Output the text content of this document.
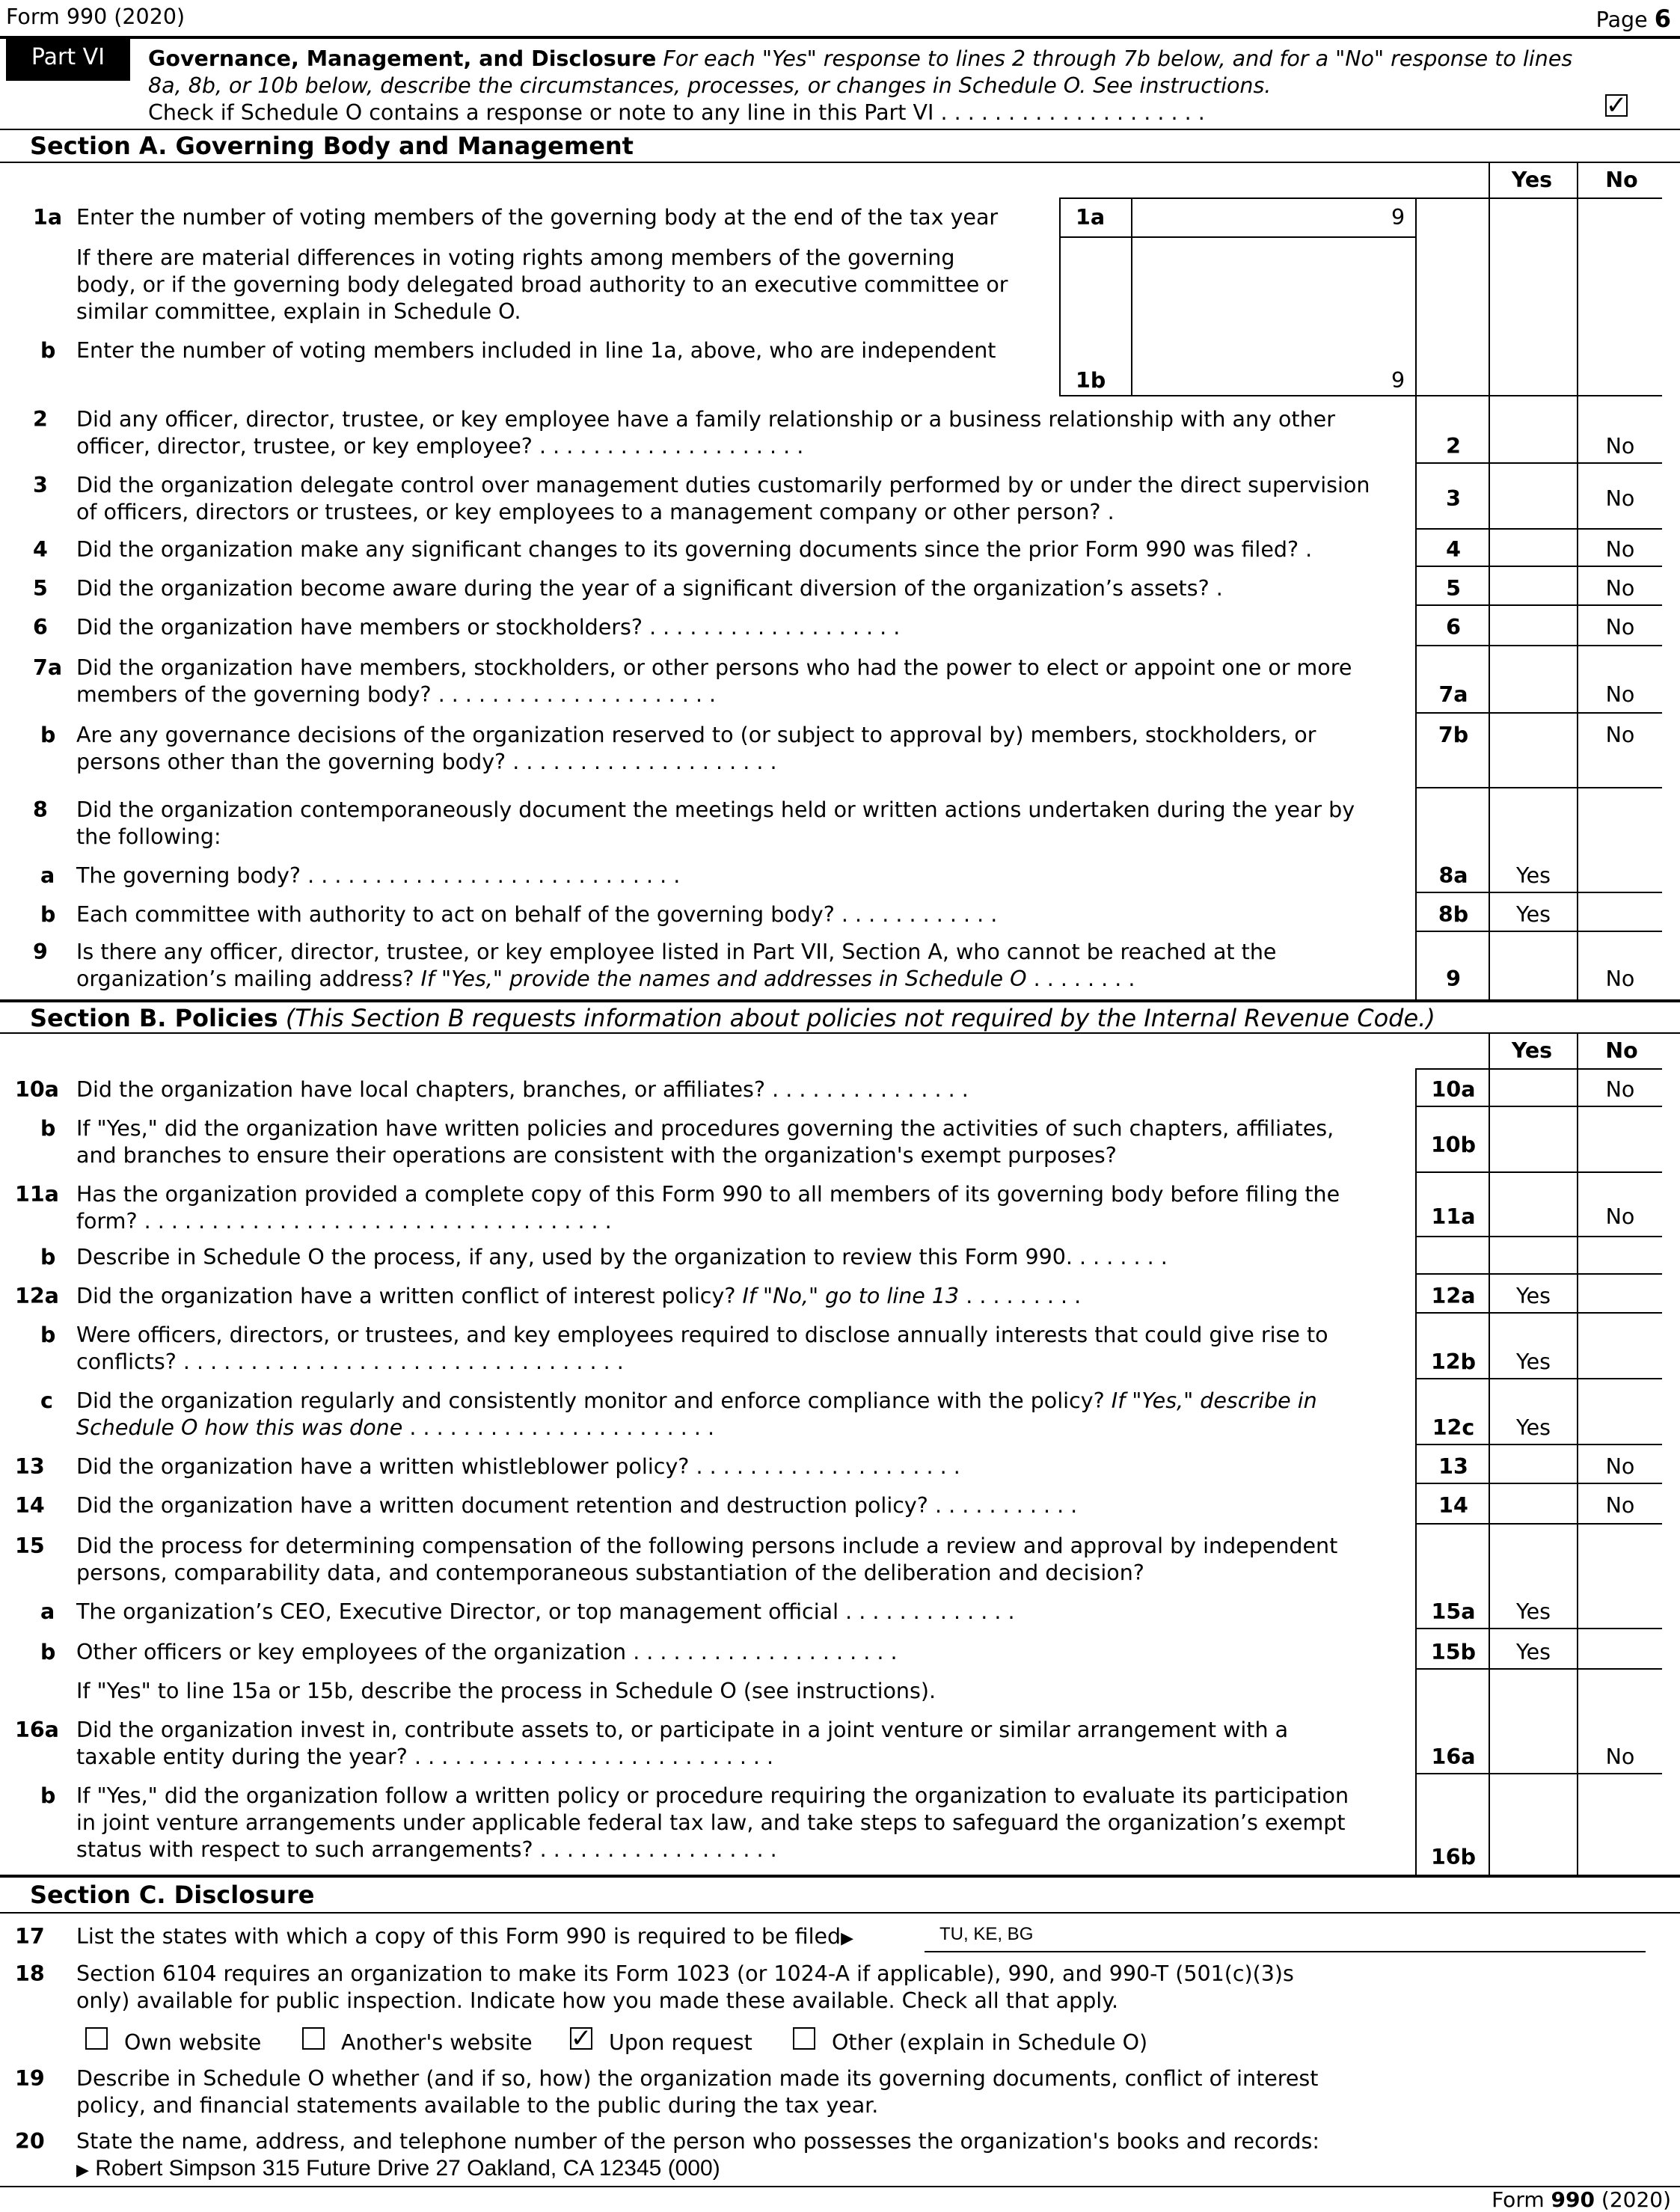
Form 990 (2020)	Page 6
Part VI	Governance, Management, and Disclosure For each "Yes" response to lines 2 through 7b below, and for a "No" response to lines
8a, 8b, or 10b below, describe the circumstances, processes, or changes in Schedule O. See instructions.
Check if Schedule O contains a response or note to any line in this Part VI . . . . . . . . . . . . . . . . . . . .	✓
Section A. Governing Body and Management
Yes	No
1a Enter the number of voting members of the governing body at the end of the tax year	1a	9
If there are material differences in voting rights among members of the governing
body, or if the governing body delegated broad authority to an executive committee or
similar committee, explain in Schedule O.
b Enter the number of voting members included in line 1a, above, who are independent
1b	9
2 Did any officer, director, trustee, or key employee have a family relationship or a business relationship with any other
officer, director, trustee, or key employee? . . . . . . . . . . . . . . . . . . . .	2	No
3 Did the organization delegate control over management duties customarily performed by or under the direct supervision
of officers, directors or trustees, or key employees to a management company or other person? .
3	No
4 Did the organization make any significant changes to its governing documents since the prior Form 990 was filed? .	4	No
5 Did the organization become aware during the year of a significant diversion of the organization’s assets? .	5	No
6 Did the organization have members or stockholders? . . . . . . . . . . . . . . . . . . .	6	No
7a Did the organization have members, stockholders, or other persons who had the power to elect or appoint one or more
members of the governing body? . . . . . . . . . . . . . . . . . . . . .	7a	No
b Are any governance decisions of the organization reserved to (or subject to approval by) members, stockholders, or
persons other than the governing body? . . . . . . . . . . . . . . . . . . . .
7b	No
8 Did the organization contemporaneously document the meetings held or written actions undertaken during the year by
the following:
a The governing body? . . . . . . . . . . . . . . . . . . . . . . . . . . . .	8a	Yes
b Each committee with authority to act on behalf of the governing body? . . . . . . . . . . . .	8b	Yes
9 Is there any officer, director, trustee, or key employee listed in Part VII, Section A, who cannot be reached at the
organization’s mailing address? If "Yes," provide the names and addresses in Schedule O . . . . . . . .	9	No
Section B. Policies (This Section B requests information about policies not required by the Internal Revenue Code.)
Yes	No
10a Did the organization have local chapters, branches, or affiliates? . . . . . . . . . . . . . . .	10a	No
b If "Yes," did the organization have written policies and procedures governing the activities of such chapters, affiliates,
and branches to ensure their operations are consistent with the organization's exempt purposes?	10b
11a Has the organization provided a complete copy of this Form 990 to all members of its governing body before filing the
form? . . . . . . . . . . . . . . . . . . . . . . . . . . . . . . . . . . .	11a	No
b Describe in Schedule O the process, if any, used by the organization to review this Form 990. . . . . . . .
12a Did the organization have a written conflict of interest policy? If "No," go to line 13 . . . . . . . . .	12a	Yes
b Were officers, directors, or trustees, and key employees required to disclose annually interests that could give rise to
conflicts? . . . . . . . . . . . . . . . . . . . . . . . . . . . . . . . . .	12b	Yes
c Did the organization regularly and consistently monitor and enforce compliance with the policy? If "Yes," describe in
Schedule O how this was done . . . . . . . . . . . . . . . . . . . . . . .	12c	Yes
13 Did the organization have a written whistleblower policy? . . . . . . . . . . . . . . . . . . . .	13	No
14 Did the organization have a written document retention and destruction policy? . . . . . . . . . . .	14	No
15 Did the process for determining compensation of the following persons include a review and approval by independent
persons, comparability data, and contemporaneous substantiation of the deliberation and decision?
a The organization’s CEO, Executive Director, or top management official . . . . . . . . . . . . .	15a	Yes
b Other officers or key employees of the organization . . . . . . . . . . . . . . . . . . . .	15b	Yes
If "Yes" to line 15a or 15b, describe the process in Schedule O (see instructions).
16a Did the organization invest in, contribute assets to, or participate in a joint venture or similar arrangement with a
taxable entity during the year? . . . . . . . . . . . . . . . . . . . . . . . . . . .	16a	No
b If "Yes," did the organization follow a written policy or procedure requiring the organization to evaluate its participation
in joint venture arrangements under applicable federal tax law, and take steps to safeguard the organization’s exempt
status with respect to such arrangements? . . . . . . . . . . . . . . . . . .	16b
Section C. Disclosure
17 List the states with which a copy of this Form 990 is required to be filed▶	TU, KE, BG
18 Section 6104 requires an organization to make its Form 1023 (or 1024-A if applicable), 990, and 990-T (501(c)(3)s
only) available for public inspection. Indicate how you made these available. Check all that apply.
Own website	Another's website ✓ Upon request	Other (explain in Schedule O)
19 Describe in Schedule O whether (and if so, how) the organization made its governing documents, conflict of interest
policy, and financial statements available to the public during the tax year.
20 State the name, address, and telephone number of the person who possesses the organization's books and records:
▶ Robert Simpson 315 Future Drive 27 Oakland, CA 12345 (000)
Form 990 (2020)
